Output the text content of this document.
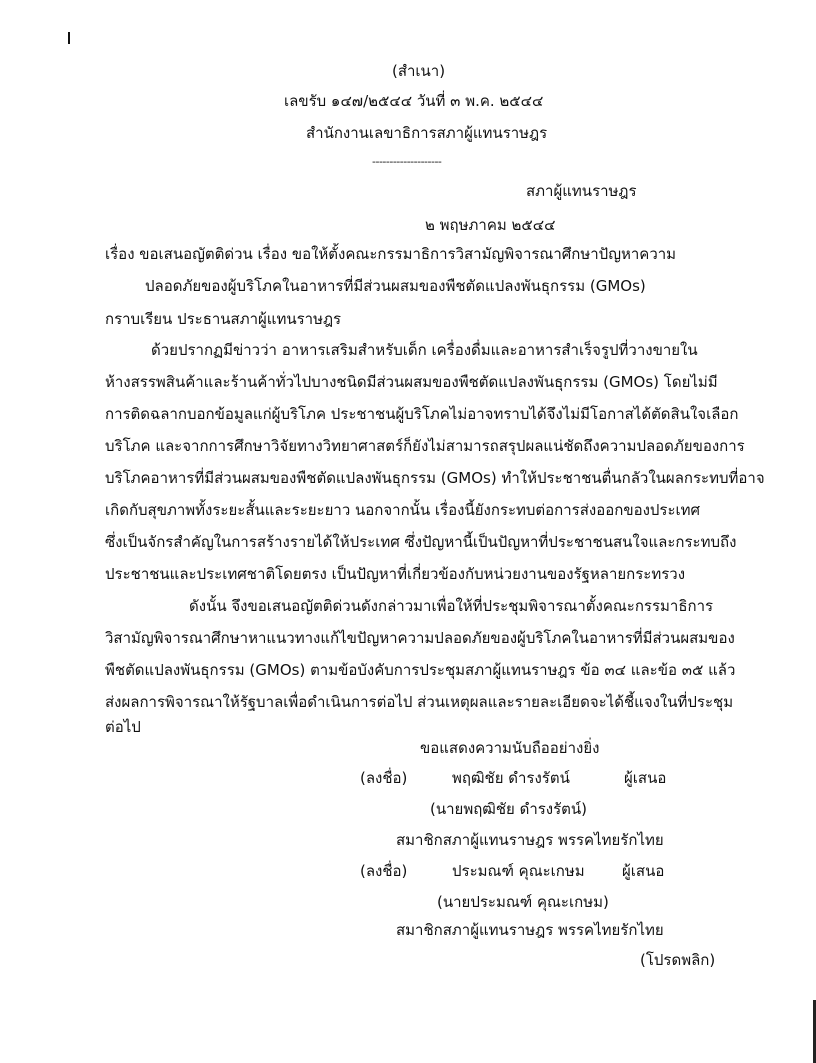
(สำเนา)
เลขรับ ๑๔๗/๒๕๔๔ วันที่ ๓ พ.ค. ๒๕๔๔
สำนักงานเลขาธิการสภาผู้แทนราษฎร
--------------------
สภาผู้แทนราษฎร
๒ พฤษภาคม ๒๕๔๔
เรื่อง ขอเสนอญัตติด่วน เรื่อง ขอให้ตั้งคณะกรรมาธิการวิสามัญพิจารณาศึกษาปัญหาความ
ปลอดภัยของผู้บริโภคในอาหารที่มีส่วนผสมของพืชตัดแปลงพันธุกรรม (GMOs)
กราบเรียน ประธานสภาผู้แทนราษฎร
ด้วยปรากฏมีข่าวว่า อาหารเสริมสำหรับเด็ก เครื่องดื่มและอาหารสำเร็จรูปที่วางขายใน
ห้างสรรพสินค้าและร้านค้าทั่วไปบางชนิดมีส่วนผสมของพืชตัดแปลงพันธุกรรม (GMOs) โดยไม่มี
การติดฉลากบอกข้อมูลแก่ผู้บริโภค ประชาชนผู้บริโภคไม่อาจทราบได้จึงไม่มีโอกาสได้ตัดสินใจเลือก
บริโภค และจากการศึกษาวิจัยทางวิทยาศาสตร์ก็ยังไม่สามารถสรุปผลแน่ชัดถึงความปลอดภัยของการ
บริโภคอาหารที่มีส่วนผสมของพืชตัดแปลงพันธุกรรม (GMOs) ทำให้ประชาชนตื่นกลัวในผลกระทบที่อาจ
เกิดกับสุขภาพทั้งระยะสั้นและระยะยาว นอกจากนั้น เรื่องนี้ยังกระทบต่อการส่งออกของประเทศ
ซึ่งเป็นจักรสำคัญในการสร้างรายได้ให้ประเทศ ซึ่งปัญหานี้เป็นปัญหาที่ประชาชนสนใจและกระทบถึง
ประชาชนและประเทศชาติโดยตรง เป็นปัญหาที่เกี่ยวข้องกับหน่วยงานของรัฐหลายกระทรวง
ดังนั้น จึงขอเสนอญัตติด่วนดังกล่าวมาเพื่อให้ที่ประชุมพิจารณาตั้งคณะกรรมาธิการ
วิสามัญพิจารณาศึกษาหาแนวทางแก้ไขปัญหาความปลอดภัยของผู้บริโภคในอาหารที่มีส่วนผสมของ
พืชตัดแปลงพันธุกรรม (GMOs) ตามข้อบังคับการประชุมสภาผู้แทนราษฎร ข้อ ๓๔ และข้อ ๓๕ แล้ว
ส่งผลการพิจารณาให้รัฐบาลเพื่อดำเนินการต่อไป ส่วนเหตุผลและรายละเอียดจะได้ชี้แจงในที่ประชุม
ต่อไป
ขอแสดงความนับถืออย่างยิ่ง
(ลงชื่อ)	พฤฒิชัย ดำรงรัตน์	ผู้เสนอ
(นายพฤฒิชัย ดำรงรัตน์)
สมาชิกสภาผู้แทนราษฎร พรรคไทยรักไทย
(ลงชื่อ)	ประมณฑ์ คุณะเกษม ผู้เสนอ
(นายประมณฑ์ คุณะเกษม)
สมาชิกสภาผู้แทนราษฎร พรรคไทยรักไทย
(โปรดพลิก)
